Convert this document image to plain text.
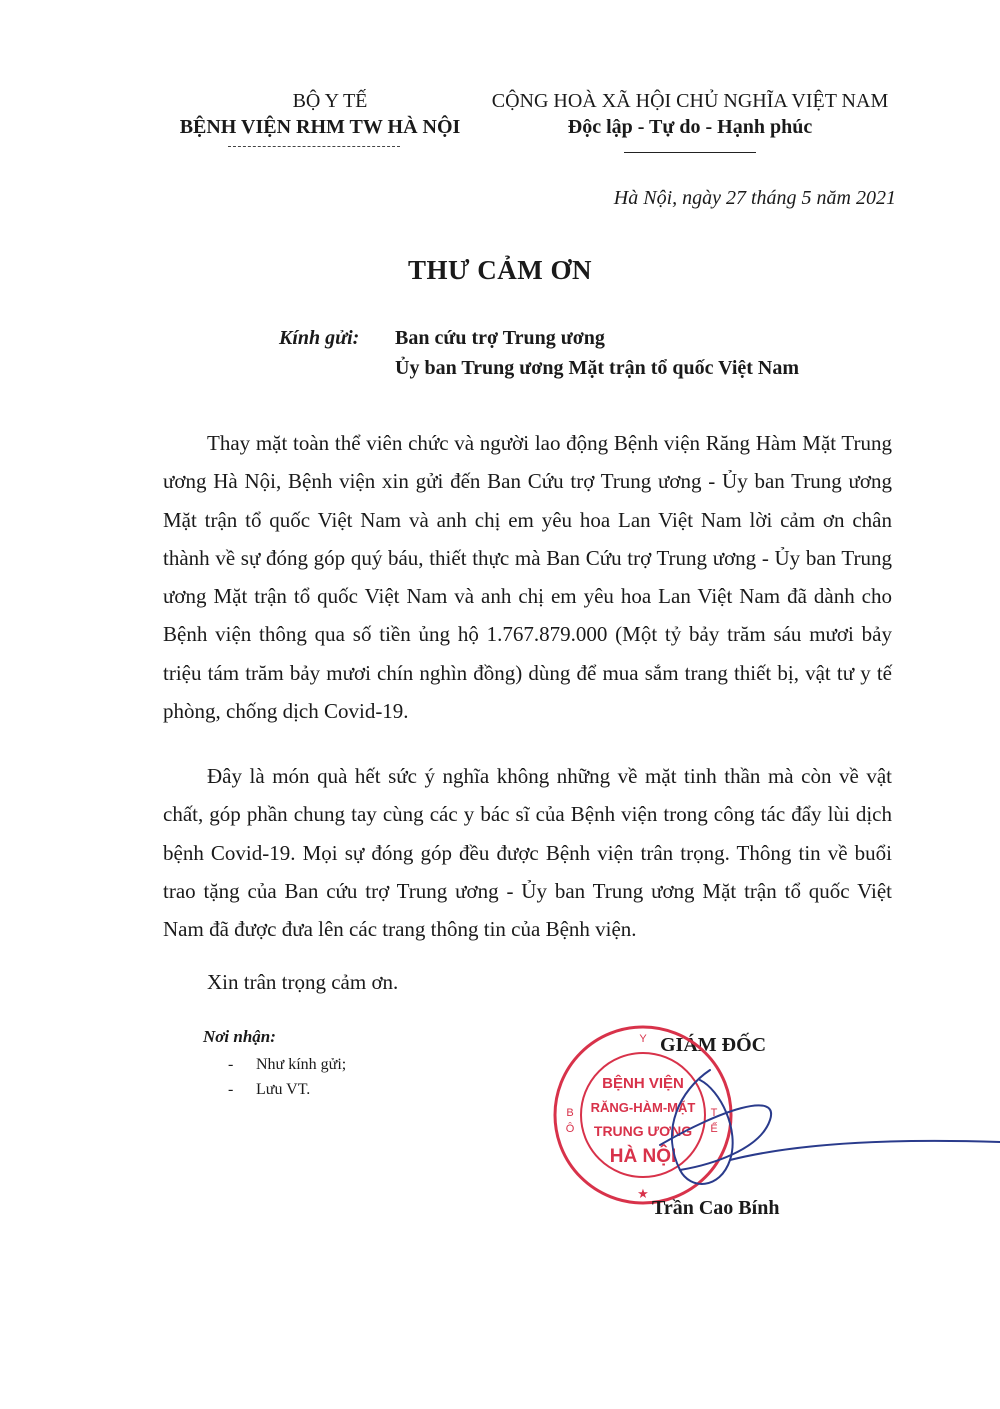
BỘ Y TẾ
BỆNH VIỆN RHM TW HÀ NỘI
CỘNG HOÀ XÃ HỘI CHỦ NGHĨA VIỆT NAM
Độc lập - Tự do - Hạnh phúc
Hà Nội, ngày 27 tháng 5 năm 2021
THƯ CẢM ƠN
Kính gửi: Ban cứu trợ Trung ương
Ủy ban Trung ương Mặt trận tổ quốc Việt Nam

Thay mặt toàn thể viên chức và người lao động Bệnh viện Răng Hàm Mặt Trung ương Hà Nội, Bệnh viện xin gửi đến Ban Cứu trợ Trung ương - Ủy ban Trung ương Mặt trận tổ quốc Việt Nam và anh chị em yêu hoa Lan Việt Nam lời cảm ơn chân thành về sự đóng góp quý báu, thiết thực mà Ban Cứu trợ Trung ương - Ủy ban Trung ương Mặt trận tổ quốc Việt Nam và anh chị em yêu hoa Lan Việt Nam đã dành cho Bệnh viện thông qua số tiền ủng hộ 1.767.879.000 (Một tỷ bảy trăm sáu mươi bảy triệu tám trăm bảy mươi chín nghìn đồng) dùng để mua sắm trang thiết bị, vật tư y tế phòng, chống dịch Covid-19.

Đây là món quà hết sức ý nghĩa không những về mặt tinh thần mà còn về vật chất, góp phần chung tay cùng các y bác sĩ của Bệnh viện trong công tác đẩy lùi dịch bệnh Covid-19. Mọi sự đóng góp đều được Bệnh viện trân trọng. Thông tin về buổi trao tặng của Ban cứu trợ Trung ương - Ủy ban Trung ương Mặt trận tổ quốc Việt Nam đã được đưa lên các trang thông tin của Bệnh viện.

Xin trân trọng cảm ơn.

Nơi nhận:
- Như kính gửi;
- Lưu VT.
GIÁM ĐỐC
Y
B
Ô
T
Ế
★
BỆNH VIỆN
RĂNG-HÀM-MẶT
TRUNG ƯƠNG
HÀ NỘI
Trần Cao Bính
